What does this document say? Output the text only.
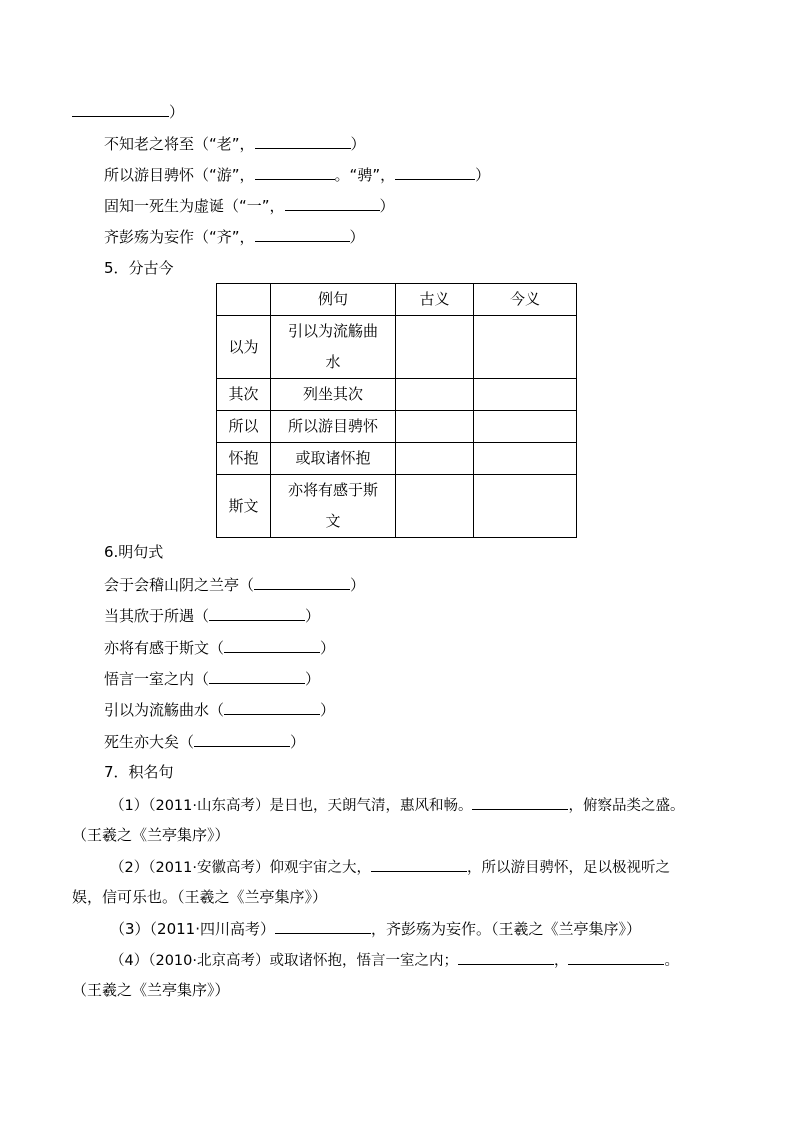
）
不知老之将至（“老”，	）
所以游目骋怀（“游”，	。“骋”，	）
固知一死生为虚诞（“一”，	）
齐彭殇为妄作（“齐”，	）
5．分古今
	例句	古义	今义
以为	引以为流觞曲
水		
其次	列坐其次		
所以	所以游目骋怀		
怀抱	或取诸怀抱		
斯文	亦将有感于斯
文		
6.明句式
会于会稽山阴之兰亭（	）
当其欣于所遇（	）
亦将有感于斯文（	）
悟言一室之内（	）
引以为流觞曲水（	）
死生亦大矣（	）
7．积名句
（1）（2011·山东高考）是日也，天朗气清，惠风和畅。	，俯察品类之盛。
（王羲之《兰亭集序》）
（2）（2011·安徽高考）仰观宇宙之大，	，所以游目骋怀，足以极视听之
娱，信可乐也。（王羲之《兰亭集序》）
（3）（2011·四川高考）	，齐彭殇为妄作。（王羲之《兰亭集序》）
（4）（2010·北京高考）或取诸怀抱，悟言一室之内；	，	。
（王羲之《兰亭集序》）
